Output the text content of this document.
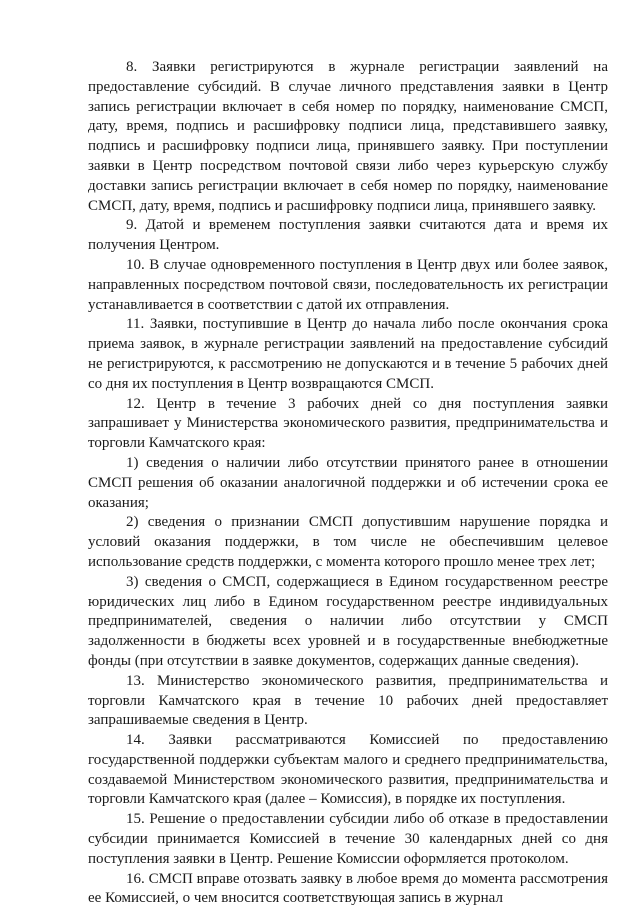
8. Заявки регистрируются в журнале регистрации заявлений на предоставление субсидий. В случае личного представления заявки в Центр запись регистрации включает в себя номер по порядку, наименование СМСП, дату, время, подпись и расшифровку подписи лица, представившего заявку, подпись и расшифровку подписи лица, принявшего заявку. При поступлении заявки в Центр посредством почтовой связи либо через курьерскую службу доставки запись регистрации включает в себя номер по порядку, наименование СМСП, дату, время, подпись и расшифровку подписи лица, принявшего заявку.

9. Датой и временем поступления заявки считаются дата и время их получения Центром.

10. В случае одновременного поступления в Центр двух или более заявок, направленных посредством почтовой связи, последовательность их регистрации устанавливается в соответствии с датой их отправления.

11. Заявки, поступившие в Центр до начала либо после окончания срока приема заявок, в журнале регистрации заявлений на предоставление субсидий не регистрируются, к рассмотрению не допускаются и в течение 5 рабочих дней со дня их поступления в Центр возвращаются СМСП.

12. Центр в течение 3 рабочих дней со дня поступления заявки запрашивает у Министерства экономического развития, предпринимательства и торговли Камчатского края:

1) сведения о наличии либо отсутствии принятого ранее в отношении СМСП решения об оказании аналогичной поддержки и об истечении срока ее оказания;

2) сведения о признании СМСП допустившим нарушение порядка и условий оказания поддержки, в том числе не обеспечившим целевое использование средств поддержки, с момента которого прошло менее трех лет;

3) сведения о СМСП, содержащиеся в Едином государственном реестре юридических лиц либо в Едином государственном реестре индивидуальных предпринимателей, сведения о наличии либо отсутствии у СМСП задолженности в бюджеты всех уровней и в государственные внебюджетные фонды (при отсутствии в заявке документов, содержащих данные сведения).

13. Министерство экономического развития, предпринимательства и торговли Камчатского края в течение 10 рабочих дней предоставляет запрашиваемые сведения в Центр.

14. Заявки рассматриваются Комиссией по предоставлению государственной поддержки субъектам малого и среднего предпринимательства, создаваемой Министерством экономического развития, предпринимательства и торговли Камчатского края (далее – Комиссия), в порядке их поступления.

15. Решение о предоставлении субсидии либо об отказе в предоставлении субсидии принимается Комиссией в течение 30 календарных дней со дня поступления заявки в Центр. Решение Комиссии оформляется протоколом.

16. СМСП вправе отозвать заявку в любое время до момента рассмотрения ее Комиссией, о чем вносится соответствующая запись в журнал
